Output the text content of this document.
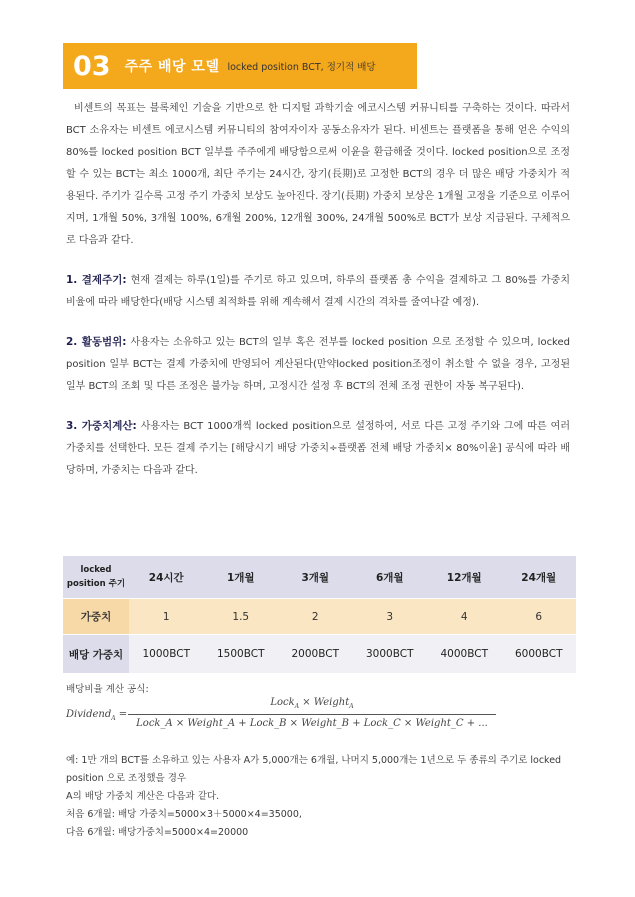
03 주주 배당 모델 locked position BCT, 정기적 배당

비센트의 목표는 블록체인 기술을 기반으로 한 디지털 과학기술 에코시스템 커뮤니티를 구축하는 것이다. 따라서 BCT 소유자는 비센트 에코시스템 커뮤니티의 참여자이자 공동소유자가 된다. 비센트는 플랫폼을 통해 얻은 수익의 80%를 locked position BCT 일부를 주주에게 배당함으로써 이윤을 환급해줄 것이다. locked position으로 조정할 수 있는 BCT는 최소 1000개, 최단 주기는 24시간, 장기(長期)로 고정한 BCT의 경우 더 많은 배당 가중치가 적용된다. 주기가 길수록 고정 주기 가중치 보상도 높아진다. 장기(長期) 가중치 보상은 1개월 고정을 기준으로 이루어지며, 1개월 50%, 3개월 100%, 6개월 200%, 12개월 300%, 24개월 500%로 BCT가 보상 지급된다. 구체적으로 다음과 같다.

1. 결제주기: 현재 결제는 하루(1일)를 주기로 하고 있으며, 하루의 플랫폼 총 수익을 결제하고 그 80%를 가중치 비율에 따라 배당한다(배당 시스템 최적화를 위해 계속해서 결제 시간의 격차를 줄여나갈 예정).

2. 활동범위: 사용자는 소유하고 있는 BCT의 일부 혹은 전부를 locked position 으로 조정할 수 있으며, locked position 일부 BCT는 결제 가중치에 반영되어 계산된다(만약locked position조정이 취소할 수 없을 경우, 고정된 일부 BCT의 조회 및 다른 조정은 불가능 하며, 고정시간 설정 후 BCT의 전체 조정 권한이 자동 복구된다).

3. 가중치계산: 사용자는 BCT 1000개씩 locked position으로 설정하여, 서로 다른 고정 주기와 그에 따른 여러 가중치를 선택한다. 모든 결제 주기는 [해당시기 배당 가중치÷플랫폼 전체 배당 가중치× 80%이윤] 공식에 따라 배당하며, 가중치는 다음과 같다.

locked
position 주기	24시간	1개월	3개월	6개월	12개월	24개월
가중치	1	1.5	2	3	4	6
배당 가중치	1000BCT	1500BCT	2000BCT	3000BCT	4000BCT	6000BCT
배당비율 계산 공식:
Dividend$_A$ =
Lock$_A$ × Weight$_A$
Lock_A × Weight_A + Lock_B × Weight_B + Lock_C × Weight_C + ...

예: 1만 개의 BCT를 소유하고 있는 사용자 A가 5,000개는 6개월, 나머지 5,000개는 1년으로 두 종류의 주기로 locked position 으로 조정했을 경우

A의 배당 가중치 계산은 다음과 같다.

처음 6개월: 배당 가중치=5000×3＋5000×4=35000,

다음 6개월: 배당가중치=5000×4=20000
